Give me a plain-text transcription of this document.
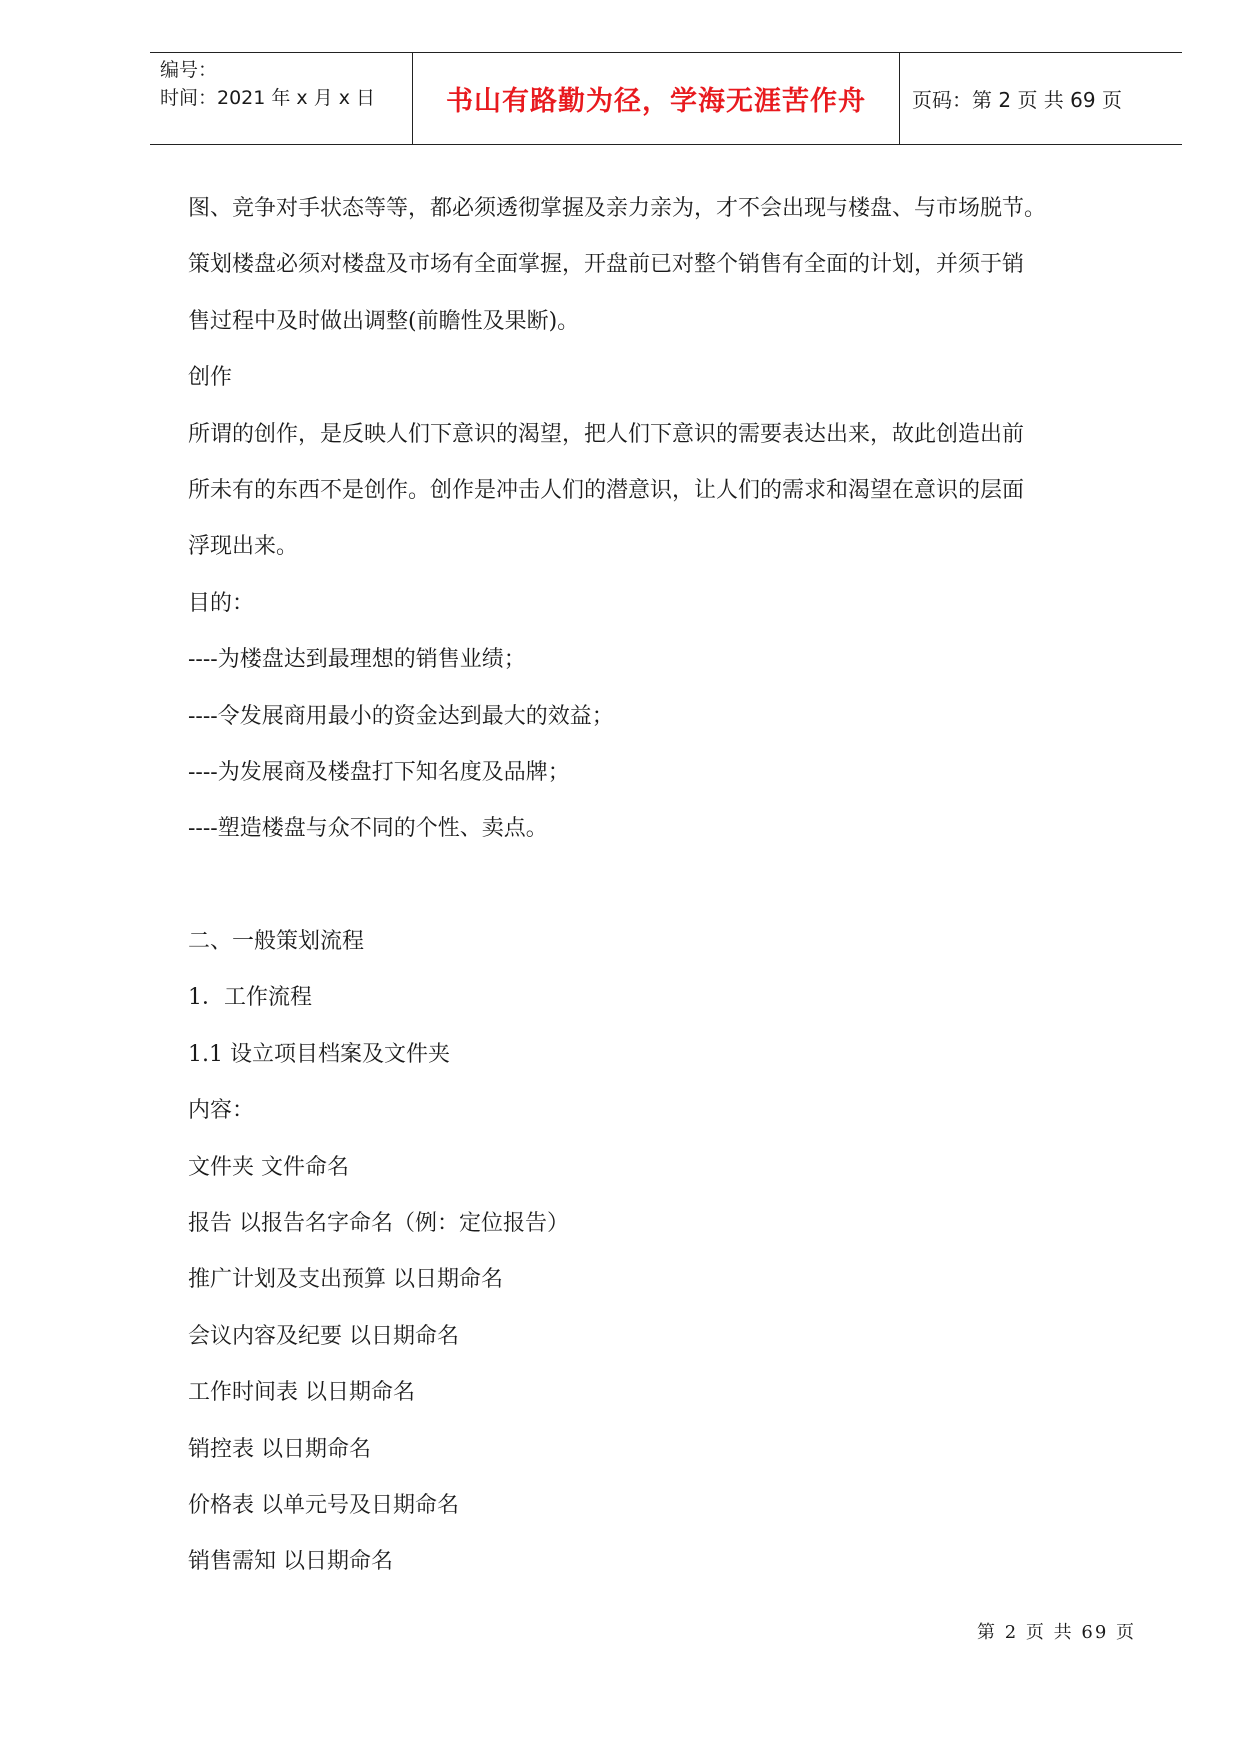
编号：
时间：2021 年 x 月 x 日	书山有路勤为径，学海无涯苦作舟 页码：第 2 页 共 69 页
图、竞争对手状态等等，都必须透彻掌握及亲力亲为，才不会出现与楼盘、与市场脱节。
策划楼盘必须对楼盘及市场有全面掌握，开盘前已对整个销售有全面的计划，并须于销
售过程中及时做出调整(前瞻性及果断)。
创作
所谓的创作，是反映人们下意识的渴望，把人们下意识的需要表达出来，故此创造出前
所未有的东西不是创作。创作是冲击人们的潜意识，让人们的需求和渴望在意识的层面
浮现出来。
目的：
----为楼盘达到最理想的销售业绩；
----令发展商用最小的资金达到最大的效益；
----为发展商及楼盘打下知名度及品牌；
----塑造楼盘与众不同的个性、卖点。
二、一般策划流程
1．工作流程
1.1 设立项目档案及文件夹
内容：
文件夹 文件命名
报告 以报告名字命名（例：定位报告）
推广计划及支出预算 以日期命名
会议内容及纪要 以日期命名
工作时间表 以日期命名
销控表 以日期命名
价格表 以单元号及日期命名
销售需知 以日期命名
第 2 页 共 69 页
